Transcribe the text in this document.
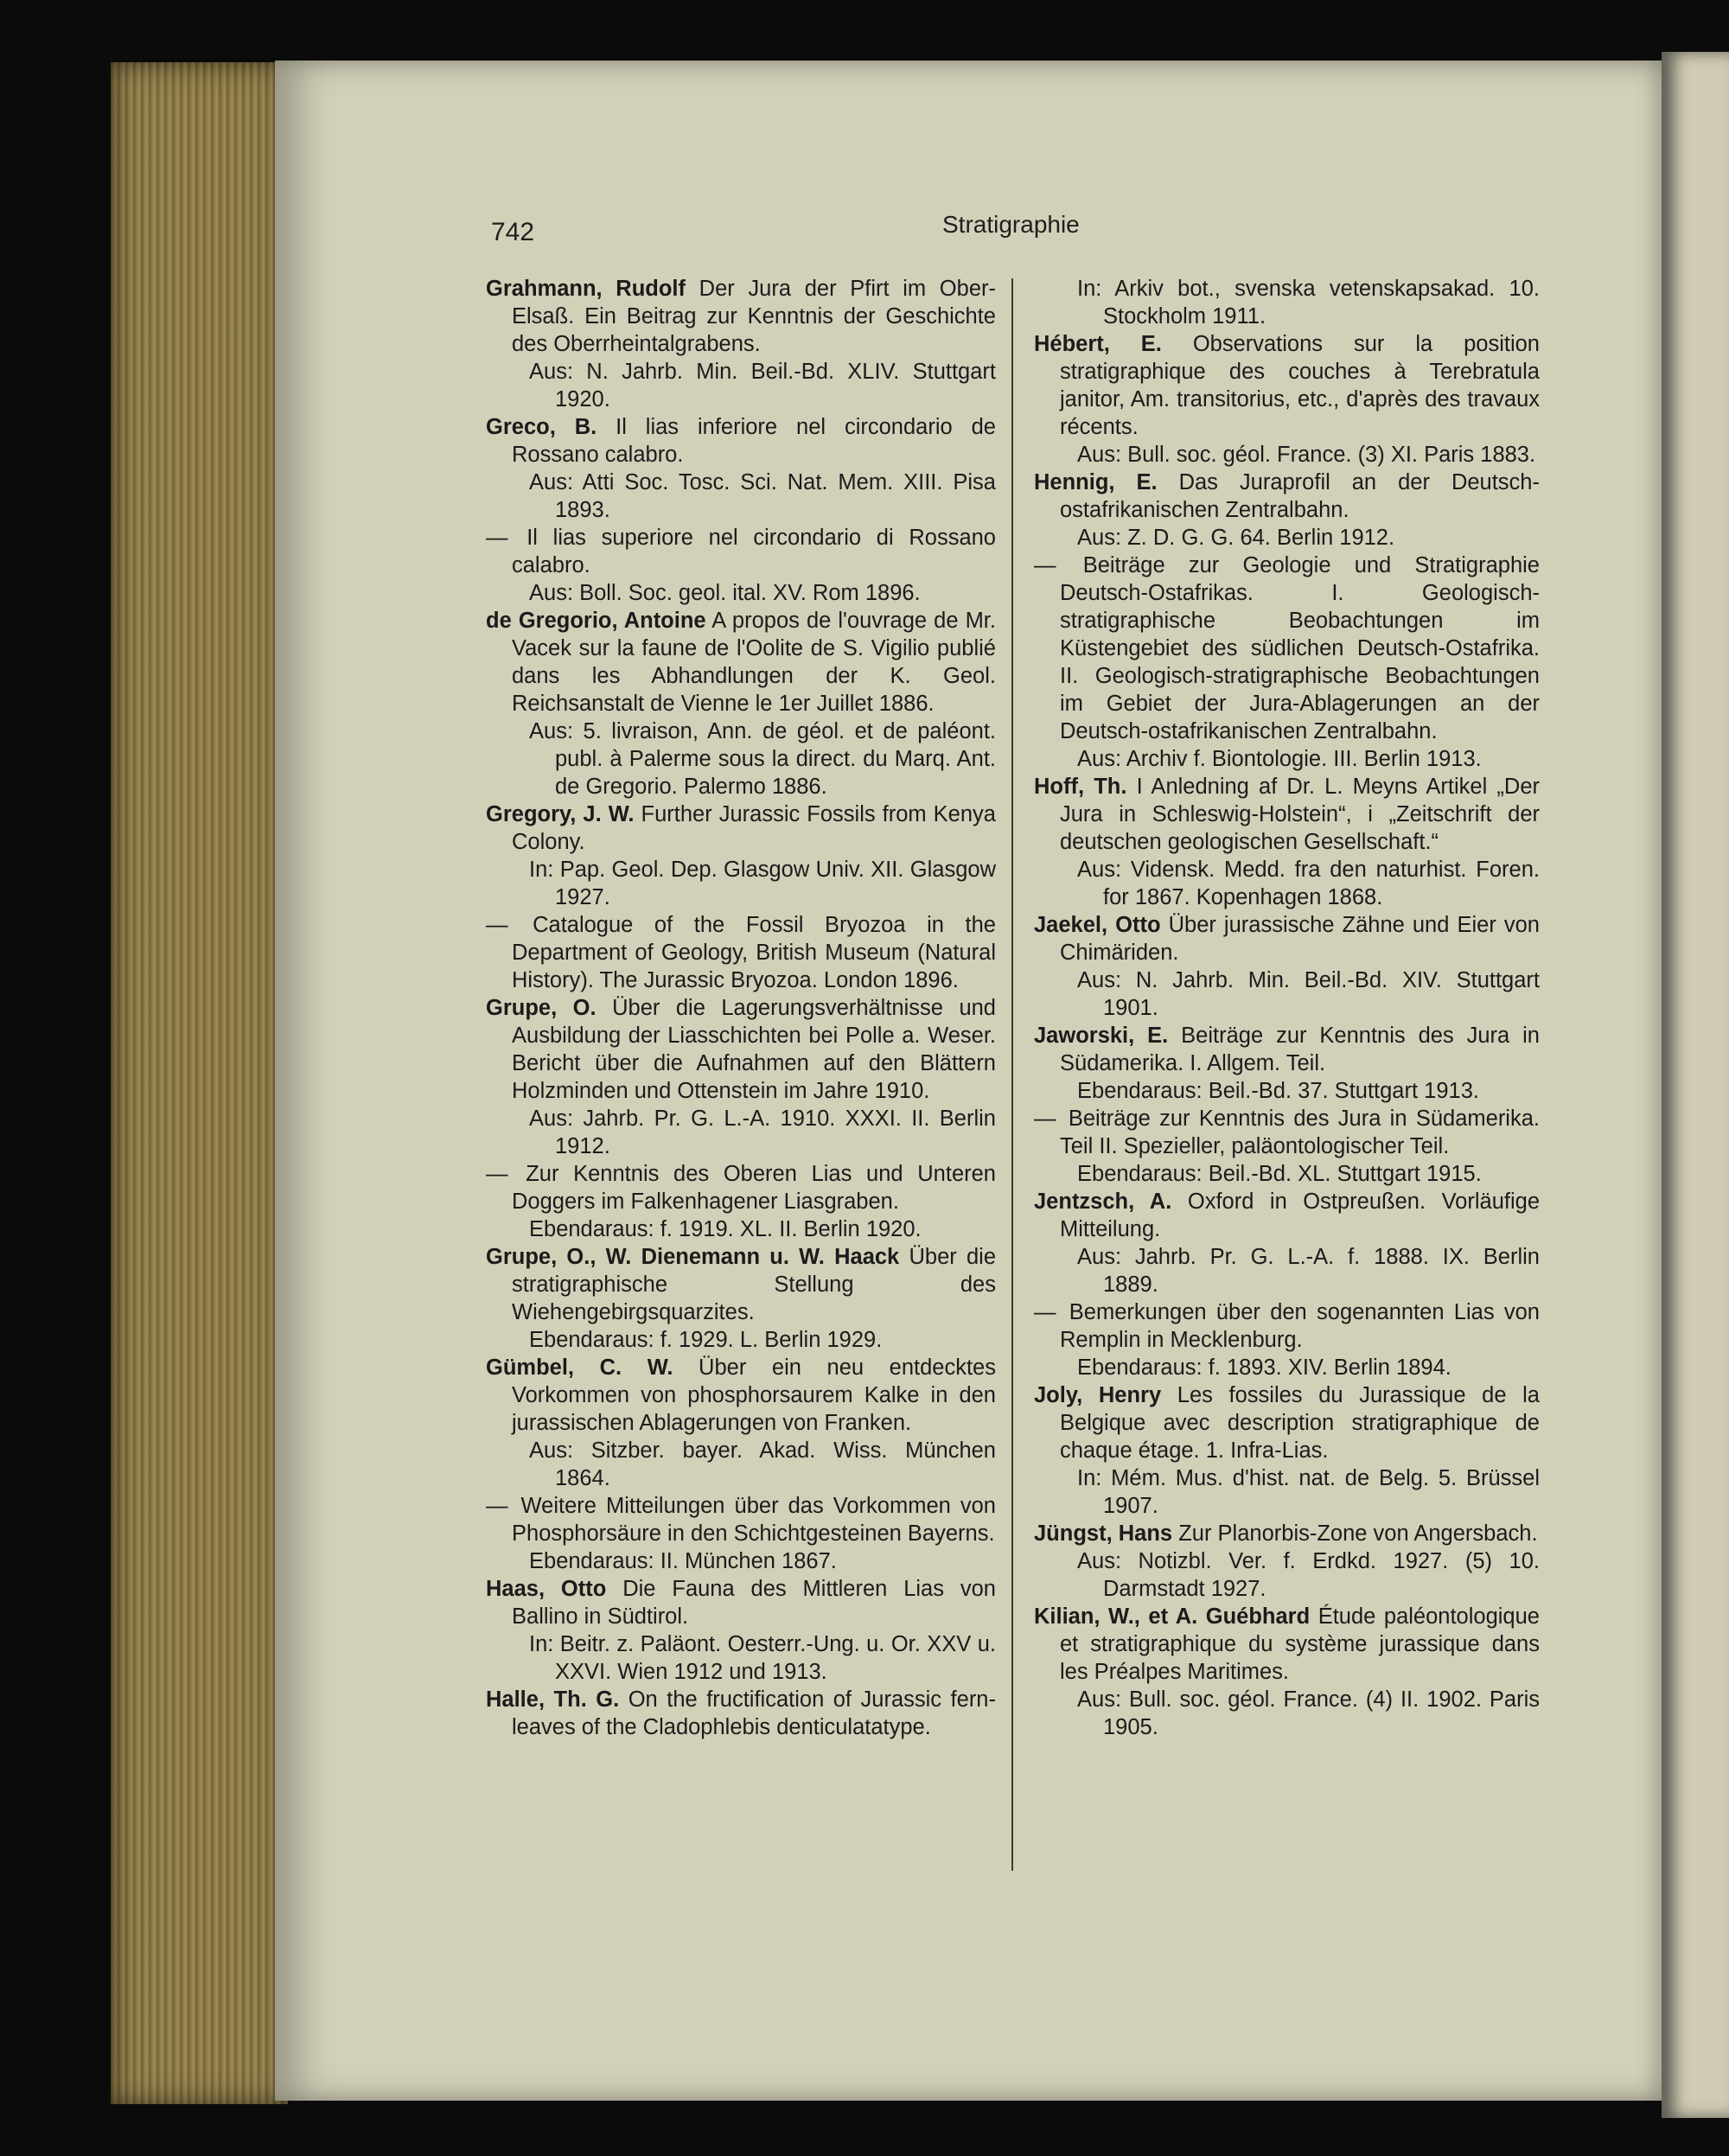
742	Stratigraphie
Grahmann, Rudolf Der Jura der Pfirt im Ober-Elsaß. Ein Beitrag zur Kenntnis der Geschichte des Oberrheintalgrabens.
Aus: N. Jahrb. Min. Beil.-Bd. XLIV. Stuttgart 1920.
Greco, B. Il lias inferiore nel circondario de Rossano calabro.
Aus: Atti Soc. Tosc. Sci. Nat. Mem. XIII. Pisa 1893.
— Il lias superiore nel circondario di Rossano calabro.
Aus: Boll. Soc. geol. ital. XV. Rom 1896.
de Gregorio, Antoine A propos de l'ouvrage de Mr. Vacek sur la faune de l'Oolite de S. Vigilio publié dans les Abhandlungen der K. Geol. Reichsanstalt de Vienne le 1er Juillet 1886.
Aus: 5. livraison, Ann. de géol. et de paléont. publ. à Palerme sous la direct. du Marq. Ant. de Gregorio. Palermo 1886.
Gregory, J. W. Further Jurassic Fossils from Kenya Colony.
In: Pap. Geol. Dep. Glasgow Univ. XII. Glasgow 1927.
— Catalogue of the Fossil Bryozoa in the Department of Geology, British Museum (Natural History). The Jurassic Bryozoa. London 1896.
Grupe, O. Über die Lagerungsverhältnisse und Ausbildung der Liasschichten bei Polle a. Weser. Bericht über die Aufnahmen auf den Blättern Holzminden und Ottenstein im Jahre 1910.
Aus: Jahrb. Pr. G. L.-A. 1910. XXXI. II. Berlin 1912.
— Zur Kenntnis des Oberen Lias und Unteren Doggers im Falkenhagener Liasgraben.
Ebendaraus: f. 1919. XL. II. Berlin 1920.
Grupe, O., W. Dienemann u. W. Haack Über die stratigraphische Stellung des Wiehengebirgsquarzites.
Ebendaraus: f. 1929. L. Berlin 1929.
Gümbel, C. W. Über ein neu entdecktes Vorkommen von phosphorsaurem Kalke in den jurassischen Ablagerungen von Franken.
Aus: Sitzber. bayer. Akad. Wiss. München 1864.
— Weitere Mitteilungen über das Vorkommen von Phosphorsäure in den Schichtgesteinen Bayerns.
Ebendaraus: II. München 1867.
Haas, Otto Die Fauna des Mittleren Lias von Ballino in Südtirol.
In: Beitr. z. Paläont. Oesterr.-Ung. u. Or. XXV u. XXVI. Wien 1912 und 1913.
Halle, Th. G. On the fructification of Jurassic fern-leaves of the Cladophlebis denticulatatype.
In: Arkiv bot., svenska vetenskapsakad. 10. Stockholm 1911.
Hébert, E. Observations sur la position stratigraphique des couches à Terebratula janitor, Am. transitorius, etc., d'après des travaux récents.
Aus: Bull. soc. géol. France. (3) XI. Paris 1883.
Hennig, E. Das Juraprofil an der Deutsch-ostafrikanischen Zentralbahn.
Aus: Z. D. G. G. 64. Berlin 1912.
— Beiträge zur Geologie und Stratigraphie Deutsch-Ostafrikas. I. Geologisch-stratigraphische Beobachtungen im Küstengebiet des südlichen Deutsch-Ostafrika. II. Geologisch-stratigraphische Beobachtungen im Gebiet der Jura-Ablagerungen an der Deutsch-ostafrikanischen Zentralbahn.
Aus: Archiv f. Biontologie. III. Berlin 1913.
Hoff, Th. I Anledning af Dr. L. Meyns Artikel „Der Jura in Schleswig-Holstein“, i „Zeitschrift der deutschen geologischen Gesellschaft.“
Aus: Vidensk. Medd. fra den naturhist. Foren. for 1867. Kopenhagen 1868.
Jaekel, Otto Über jurassische Zähne und Eier von Chimäriden.
Aus: N. Jahrb. Min. Beil.-Bd. XIV. Stuttgart 1901.
Jaworski, E. Beiträge zur Kenntnis des Jura in Südamerika. I. Allgem. Teil.
Ebendaraus: Beil.-Bd. 37. Stuttgart 1913.
— Beiträge zur Kenntnis des Jura in Südamerika. Teil II. Spezieller, paläontologischer Teil.
Ebendaraus: Beil.-Bd. XL. Stuttgart 1915.
Jentzsch, A. Oxford in Ostpreußen. Vorläufige Mitteilung.
Aus: Jahrb. Pr. G. L.-A. f. 1888. IX. Berlin 1889.
— Bemerkungen über den sogenannten Lias von Remplin in Mecklenburg.
Ebendaraus: f. 1893. XIV. Berlin 1894.
Joly, Henry Les fossiles du Jurassique de la Belgique avec description stratigraphique de chaque étage. 1. Infra-Lias.
In: Mém. Mus. d'hist. nat. de Belg. 5. Brüssel 1907.
Jüngst, Hans Zur Planorbis-Zone von Angersbach.
Aus: Notizbl. Ver. f. Erdkd. 1927. (5) 10. Darmstadt 1927.
Kilian, W., et A. Guébhard Étude paléontologique et stratigraphique du système jurassique dans les Préalpes Maritimes.
Aus: Bull. soc. géol. France. (4) II. 1902. Paris 1905.
